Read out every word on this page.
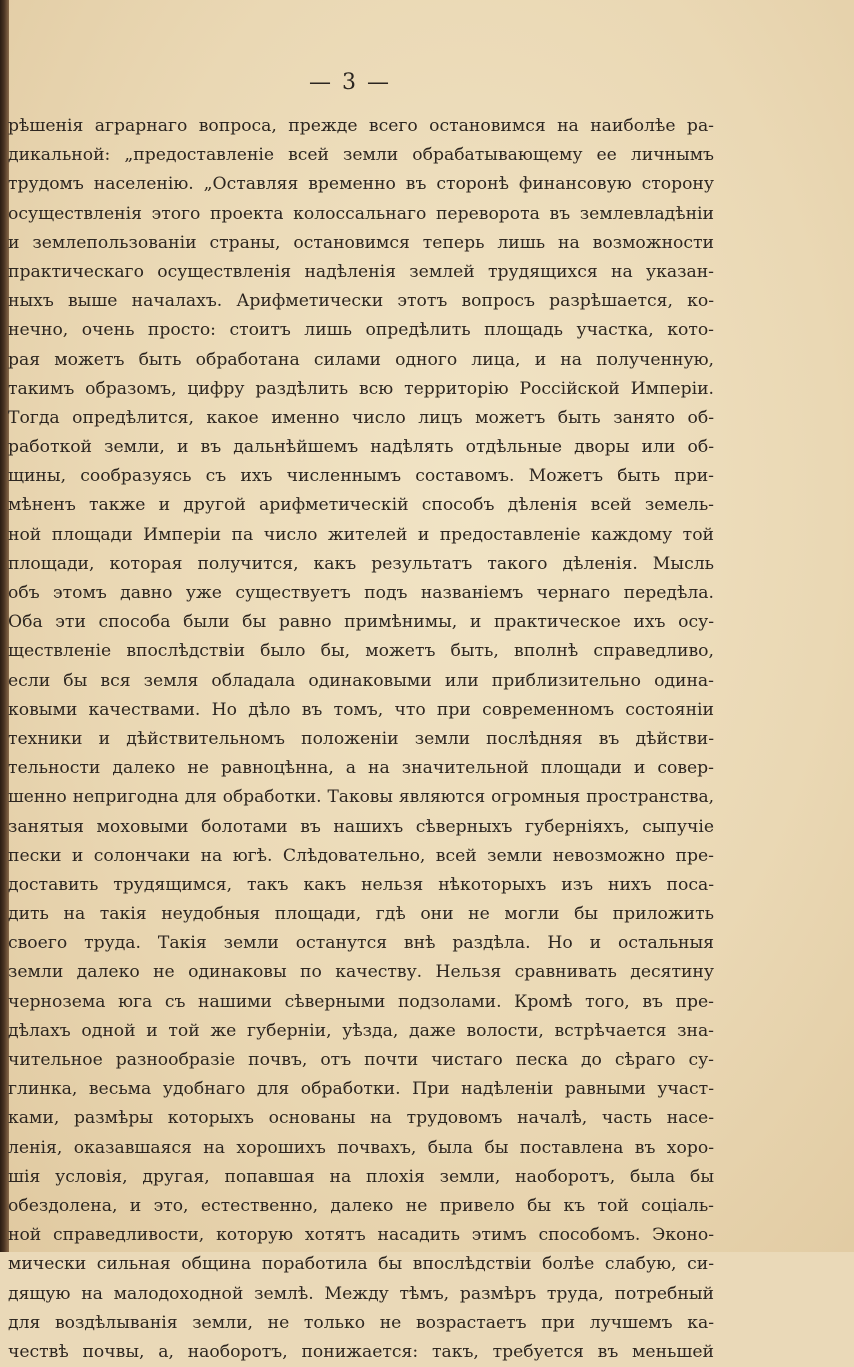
— 3 —
рѣшенія аграрнаго вопроса, прежде всего остановимся на наиболѣе ра-
дикальной: „предоставленіе всей земли обрабатывающему ее личнымъ
трудомъ населенію. „Оставляя временно въ сторонѣ финансовую сторону
осуществленія этого проекта колоссальнаго переворота въ землевладѣніи
и землепользованіи страны, остановимся теперь лишь на возможности
практическаго осуществленія надѣленія землей трудящихся на указан-
ныхъ выше началахъ. Арифметически этотъ вопросъ разрѣшается, ко-
нечно, очень просто: стоитъ лишь опредѣлить площадь участка, кото-
рая можетъ быть обработана силами одного лица, и на полученную,
такимъ образомъ, цифру раздѣлить всю территорію Россійской Имперіи.
Тогда опредѣлится, какое именно число лицъ можетъ быть занято об-
работкой земли, и въ дальнѣйшемъ надѣлять отдѣльные дворы или об-
щины, сообразуясь съ ихъ численнымъ составомъ. Можетъ быть при-
мѣненъ также и другой арифметическій способъ дѣленія всей земель-
ной площади Имперіи па число жителей и предоставленіе каждому той
площади, которая получится, какъ результатъ такого дѣленія. Мысль
объ этомъ давно уже существуетъ подъ названіемъ чернаго передѣла.
Оба эти способа были бы равно примѣнимы, и практическое ихъ осу-
ществленіе впослѣдствіи было бы, можетъ быть, вполнѣ справедливо,
если бы вся земля обладала одинаковыми или приблизительно одина-
ковыми качествами. Но дѣло въ томъ, что при современномъ состояніи
техники и дѣйствительномъ положеніи земли послѣдняя въ дѣйстви-
тельности далеко не равноцѣнна, а на значительной площади и совер-
шенно непригодна для обработки. Таковы являются огромныя пространства,
занятыя моховыми болотами въ нашихъ сѣверныхъ губерніяхъ, сыпучіе
пески и солончаки на югѣ. Слѣдовательно, всей земли невозможно пре-
доставить трудящимся, такъ какъ нельзя нѣкоторыхъ изъ нихъ поса-
дить на такія неудобныя площади, гдѣ они не могли бы приложить
своего труда. Такія земли останутся внѣ раздѣла. Но и остальныя
земли далеко не одинаковы по качеству. Нельзя сравнивать десятину
чернозема юга съ нашими сѣверными подзолами. Кромѣ того, въ пре-
дѣлахъ одной и той же губерніи, уѣзда, даже волости, встрѣчается зна-
чительное разнообразіе почвъ, отъ почти чистаго песка до сѣраго су-
глинка, весьма удобнаго для обработки. При надѣленіи равными участ-
ками, размѣры которыхъ основаны на трудовомъ началѣ, часть насе-
ленія, оказавшаяся на хорошихъ почвахъ, была бы поставлена въ хоро-
шія условія, другая, попавшая на плохія земли, наоборотъ, была бы
обездолена, и это, естественно, далеко не привело бы къ той соціаль-
ной справедливости, которую хотятъ насадить этимъ способомъ. Эконо-
мически сильная община поработила бы впослѣдствіи болѣе слабую, си-
дящую на малодоходной землѣ. Между тѣмъ, размѣръ труда, потребный
для воздѣлыванія земли, не только не возрастаетъ при лучшемъ ка-
чествѣ почвы, а, наоборотъ, понижается: такъ, требуется въ меньшей
